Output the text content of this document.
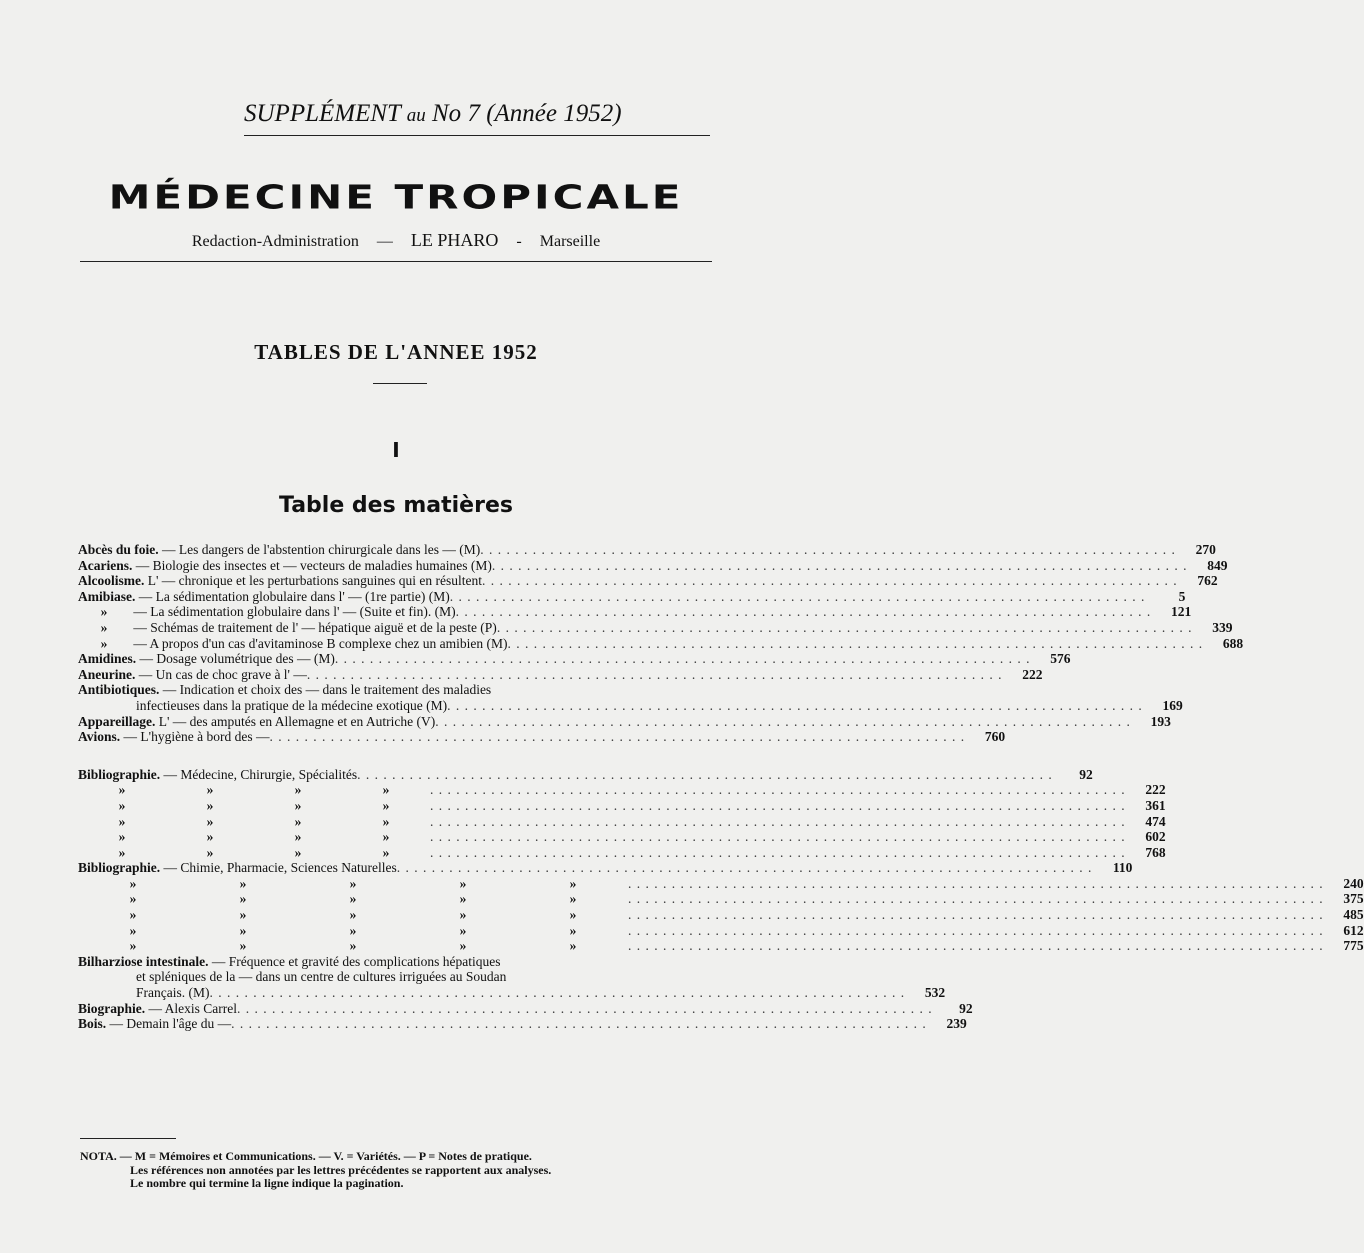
SUPPLÉMENT au No 7 (Année 1952)
MÉDECINE TROPICALE
Redaction-Administration — LE PHARO - Marseille
TABLES DE L'ANNEE 1952
I
Table des matières
Abcès du foie. — Les dangers de l'abstention chirurgicale dans les — (M) . . .	270
Acariens. — Biologie des insectes et — vecteurs de maladies humaines (M) . . .	849
Alcoolisme. L' — chronique et les perturbations sanguines qui en résultent . . .	762
Amibiase. — La sédimentation globulaire dans l' — (1re partie) (M) . . .	5
» — La sédimentation globulaire dans l' — (Suite et fin). (M) . . .	121
» — Schémas de traitement de l' — hépatique aiguë et de la peste (P) . . .	339
» — A propos d'un cas d'avitaminose B complexe chez un amibien (M) . . .	688
Amidines. — Dosage volumétrique des — (M) . . .	576
Aneurine. — Un cas de choc grave à l' — . . .	222
Antibiotiques. — Indication et choix des — dans le traitement des maladies
infectieuses dans la pratique de la médecine exotique (M) . . .	169
Appareillage. L' — des amputés en Allemagne et en Autriche (V) . . .	193
Avions. — L'hygiène à bord des — . . .	760
Bibliographie. — Médecine, Chirurgie, Spécialités . . .	92
»	»	»	» . . .	222
»	»	»	» . . .	361
»	»	»	» . . .	474
»	»	»	» . . .	602
»	»	»	» . . .	768
Bibliographie. — Chimie, Pharmacie, Sciences Naturelles . . .	110
»	»	»	»	» . . .	240
»	»	»	»	» . . .	375
»	»	»	»	» . . .	485
»	»	»	»	» . . .	612
»	»	»	»	» . . .	775
Bilharziose intestinale. — Fréquence et gravité des complications hépatiques
et spléniques de la — dans un centre de cultures irriguées au Soudan
Français. (M) . . .	532
Biographie. — Alexis Carrel . . .	92
Bois. — Demain l'âge du — . . .	239
NOTA. — M = Mémoires et Communications. — V. = Variétés. — P = Notes de pratique.
Les références non annotées par les lettres précédentes se rapportent aux analyses.
Le nombre qui termine la ligne indique la pagination.
